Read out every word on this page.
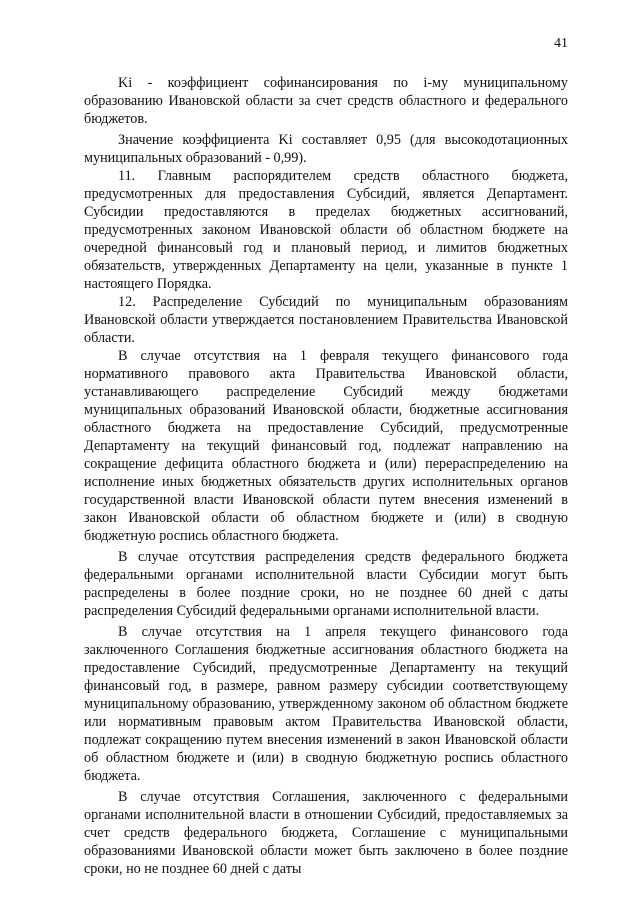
41

Ki - коэффициент софинансирования по i-му муниципальному образованию Ивановской области за счет средств областного и федерального бюджетов.

Значение коэффициента Ki составляет 0,95 (для высокодотационных муниципальных образований - 0,99).

11. Главным распорядителем средств областного бюджета, предусмотренных для предоставления Субсидий, является Департамент. Субсидии предоставляются в пределах бюджетных ассигнований, предусмотренных законом Ивановской области об областном бюджете на очередной финансовый год и плановый период, и лимитов бюджетных обязательств, утвержденных Департаменту на цели, указанные в пункте 1 настоящего Порядка.

12. Распределение Субсидий по муниципальным образованиям Ивановской области утверждается постановлением Правительства Ивановской области.

В случае отсутствия на 1 февраля текущего финансового года нормативного правового акта Правительства Ивановской области, устанавливающего распределение Субсидий между бюджетами муниципальных образований Ивановской области, бюджетные ассигнования областного бюджета на предоставление Субсидий, предусмотренные Департаменту на текущий финансовый год, подлежат направлению на сокращение дефицита областного бюджета и (или) перераспределению на исполнение иных бюджетных обязательств других исполнительных органов государственной власти Ивановской области путем внесения изменений в закон Ивановской области об областном бюджете и (или) в сводную бюджетную роспись областного бюджета.

В случае отсутствия распределения средств федерального бюджета федеральными органами исполнительной власти Субсидии могут быть распределены в более поздние сроки, но не позднее 60 дней с даты распределения Субсидий федеральными органами исполнительной власти.

В случае отсутствия на 1 апреля текущего финансового года заключенного Соглашения бюджетные ассигнования областного бюджета на предоставление Субсидий, предусмотренные Департаменту на текущий финансовый год, в размере, равном размеру субсидии соответствующему муниципальному образованию, утвержденному законом об областном бюджете или нормативным правовым актом Правительства Ивановской области, подлежат сокращению путем внесения изменений в закон Ивановской области об областном бюджете и (или) в сводную бюджетную роспись областного бюджета.

В случае отсутствия Соглашения, заключенного с федеральными органами исполнительной власти в отношении Субсидий, предоставляемых за счет средств федерального бюджета, Соглашение с муниципальными образованиями Ивановской области может быть заключено в более поздние сроки, но не позднее 60 дней с даты
